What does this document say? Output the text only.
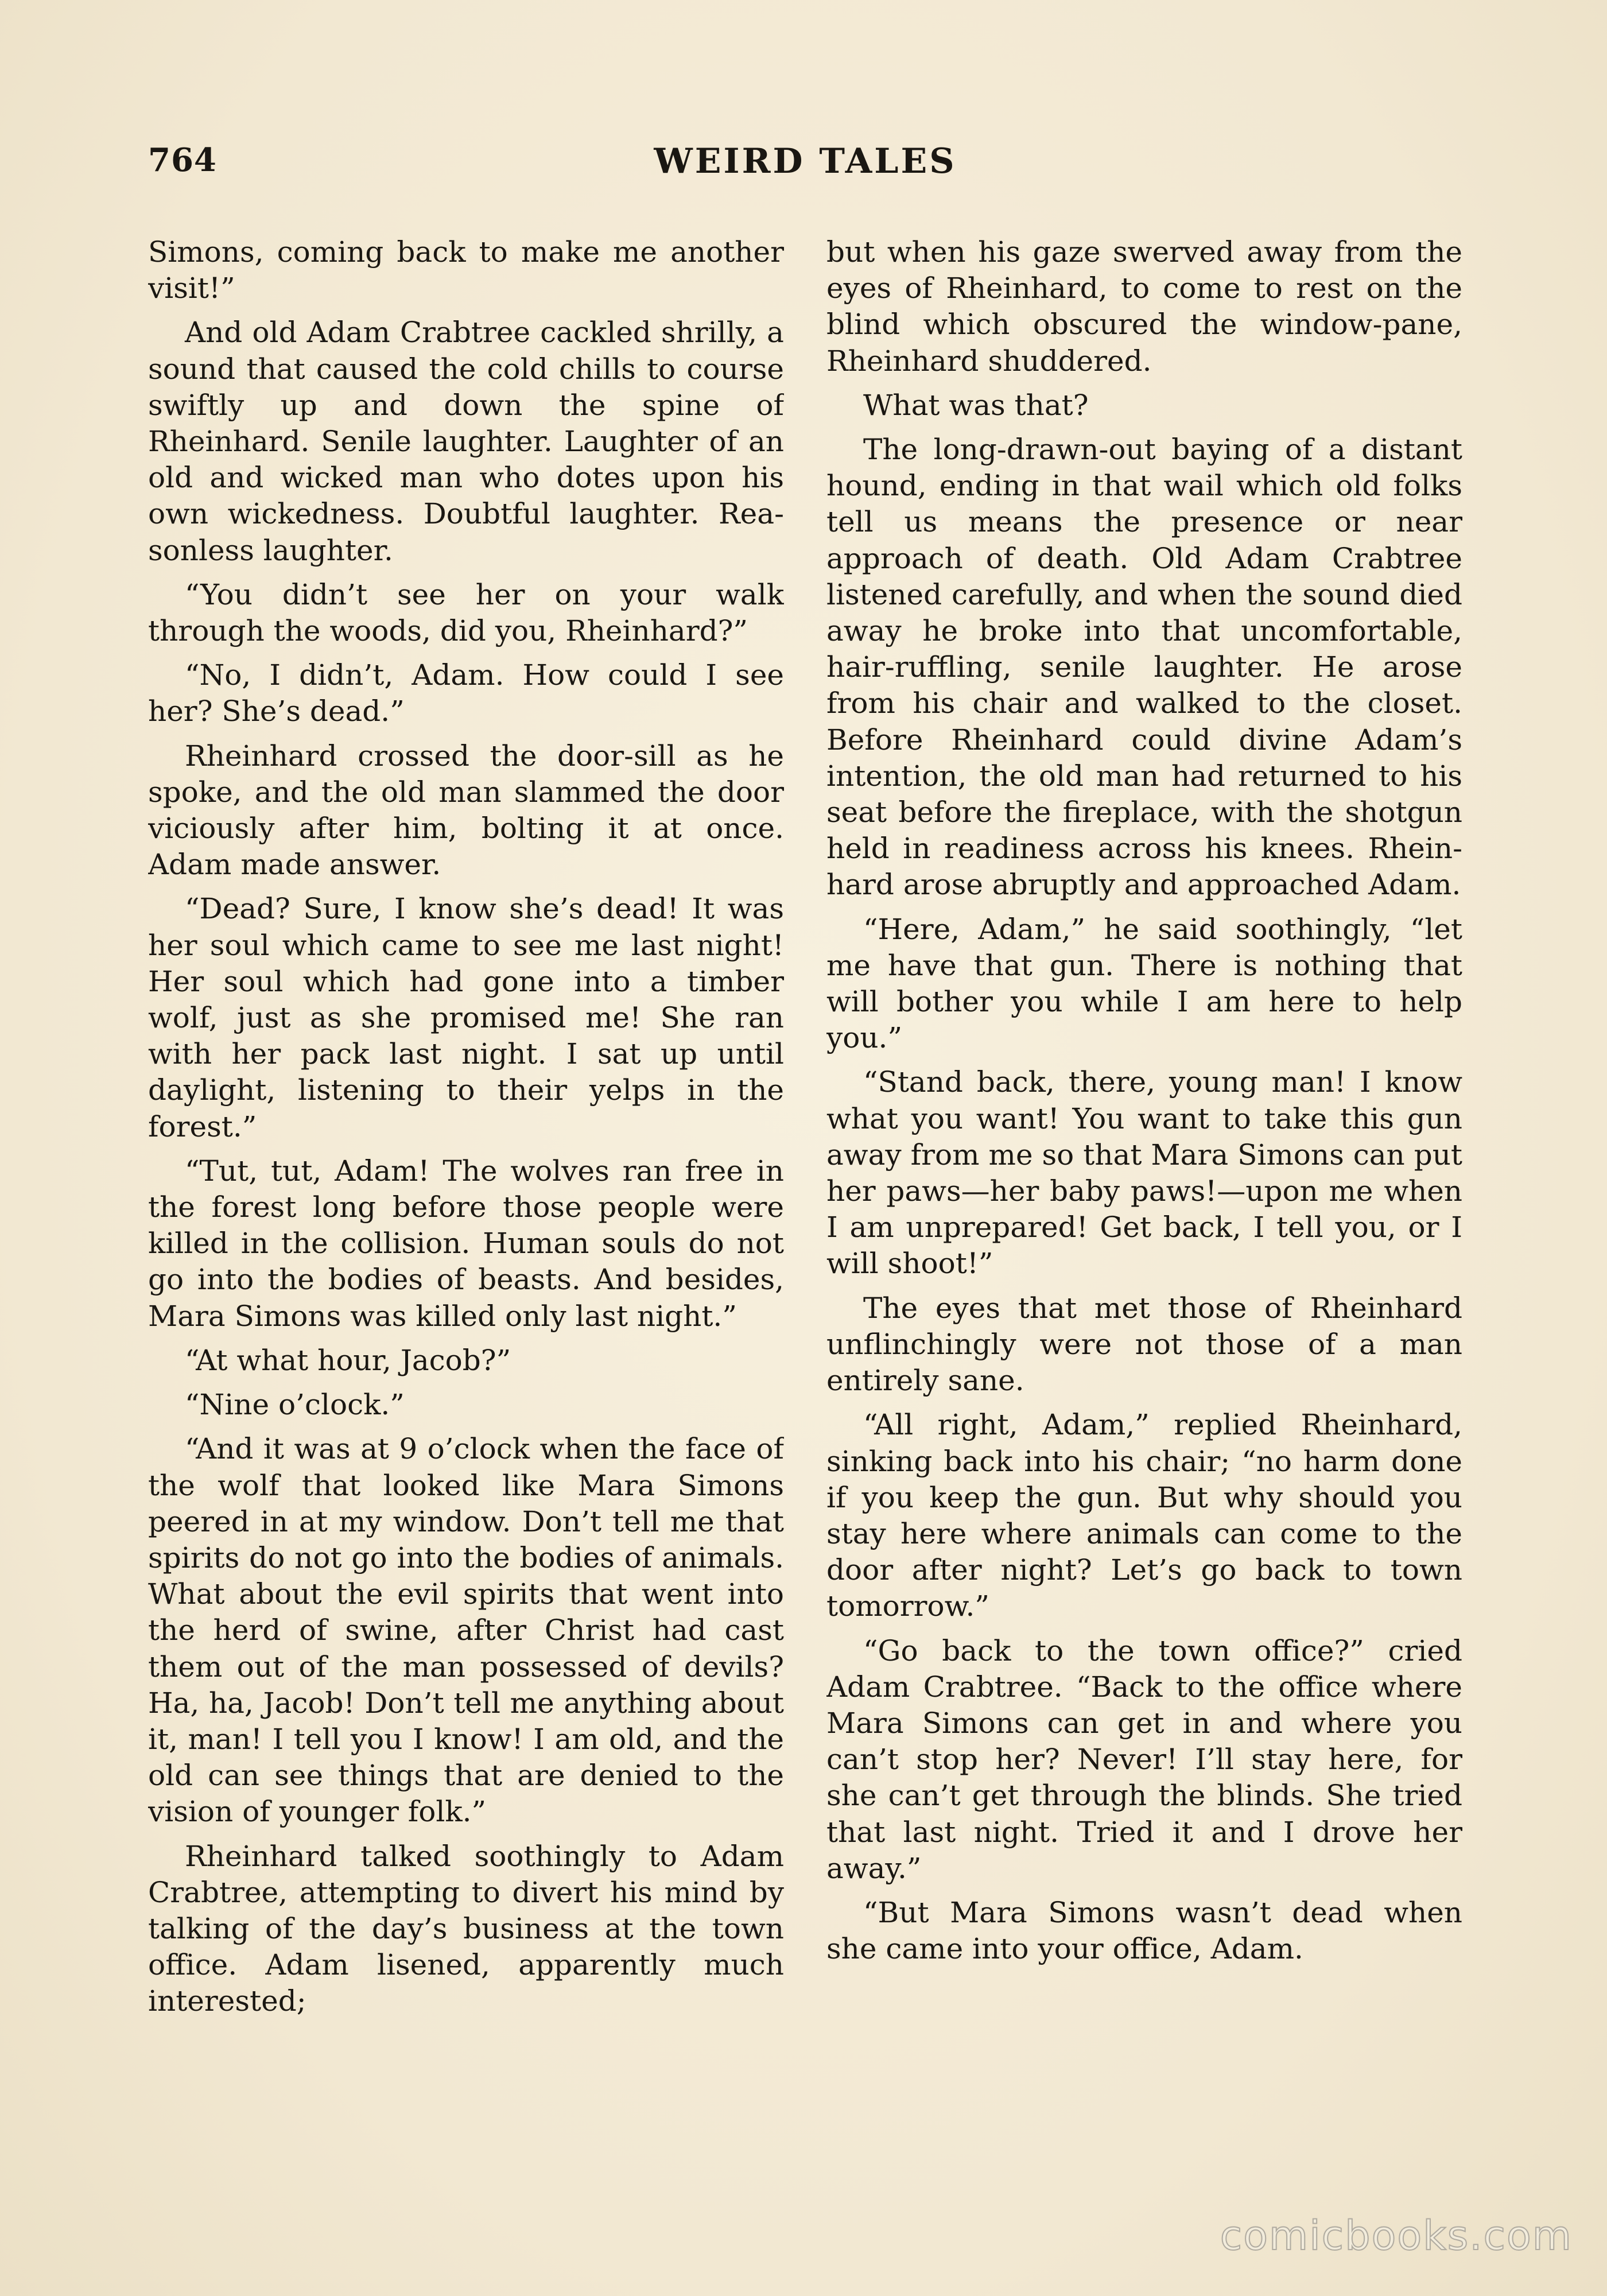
764	WEIRD TALES

Simons, coming back to make me another visit!”

And old Adam Crabtree cackled shrilly, a sound that caused the cold chills to course swiftly up and down the spine of Rheinhard. Senile laughter. Laughter of an old and wicked man who dotes upon his own wickedness. Doubtful laughter. Reasonless laughter.

“You didn’t see her on your walk through the woods, did you, Rheinhard?”

“No, I didn’t, Adam. How could I see her? She’s dead.”

Rheinhard crossed the door-sill as he spoke, and the old man slammed the door viciously after him, bolting it at once. Adam made answer.

“Dead? Sure, I know she’s dead! It was her soul which came to see me last night! Her soul which had gone into a timber wolf, just as she promised me! She ran with her pack last night. I sat up until daylight, listening to their yelps in the forest.”

“Tut, tut, Adam! The wolves ran free in the forest long before those people were killed in the collision. Human souls do not go into the bodies of beasts. And besides, Mara Simons was killed only last night.”

“At what hour, Jacob?”

“Nine o’clock.”

“And it was at 9 o’clock when the face of the wolf that looked like Mara Simons peered in at my window. Don’t tell me that spirits do not go into the bodies of animals. What about the evil spirits that went into the herd of swine, after Christ had cast them out of the man possessed of devils? Ha, ha, Jacob! Don’t tell me anything about it, man! I tell you I know! I am old, and the old can see things that are denied to the vision of younger folk.”

Rheinhard talked soothingly to Adam Crabtree, attempting to divert his mind by talking of the day’s business at the town office. Adam lisened, apparently much interested;

but when his gaze swerved away from the eyes of Rheinhard, to come to rest on the blind which obscured the window-pane, Rheinhard shuddered.

What was that?

The long-drawn-out baying of a distant hound, ending in that wail which old folks tell us means the presence or near approach of death. Old Adam Crabtree listened carefully, and when the sound died away he broke into that uncomfortable, hair-ruffling, senile laughter. He arose from his chair and walked to the closet. Before Rheinhard could divine Adam’s intention, the old man had returned to his seat before the fireplace, with the shotgun held in readiness across his knees. Rheinhard arose abruptly and approached Adam.

“Here, Adam,” he said soothingly, “let me have that gun. There is nothing that will bother you while I am here to help you.”

“Stand back, there, young man! I know what you want! You want to take this gun away from me so that Mara Simons can put her paws—her baby paws!—upon me when I am unprepared! Get back, I tell you, or I will shoot!”

The eyes that met those of Rheinhard unflinchingly were not those of a man entirely sane.

“All right, Adam,” replied Rheinhard, sinking back into his chair; “no harm done if you keep the gun. But why should you stay here where animals can come to the door after night? Let’s go back to town tomorrow.”

“Go back to the town office?” cried Adam Crabtree. “Back to the office where Mara Simons can get in and where you can’t stop her? Never! I’ll stay here, for she can’t get through the blinds. She tried that last night. Tried it and I drove her away.”

“But Mara Simons wasn’t dead when she came into your office, Adam.

comicbooks.com
